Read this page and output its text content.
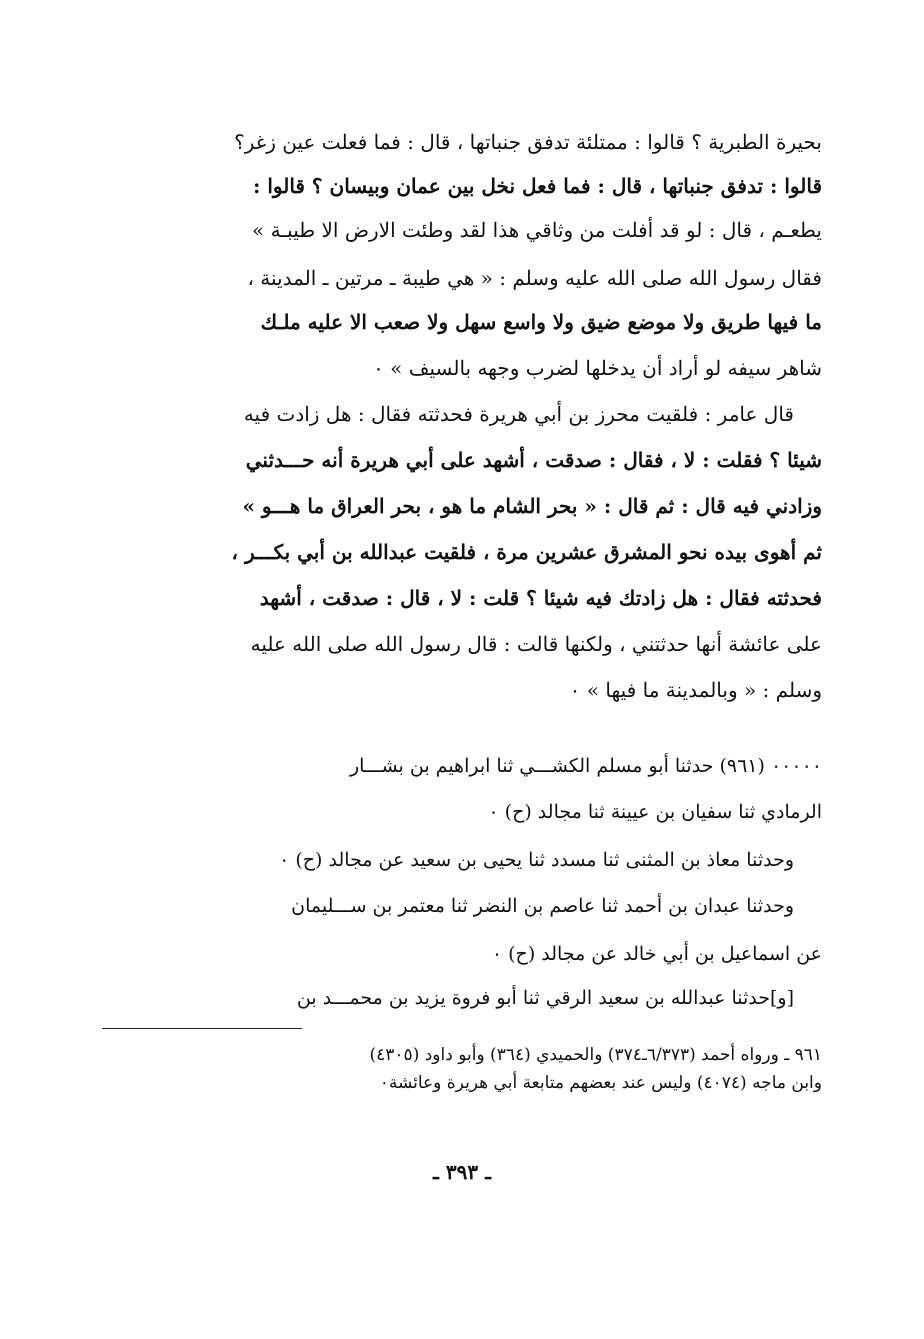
بحيرة الطبرية ؟ قالوا : ممتلئة تدفق جنباتها ، قال : فما فعلت عين زغر؟
قالوا : تدفق جنباتها ، قال : فما فعل نخل بين عمان وبيسان ؟ قالوا :
يطعـم ، قال : لو قد أفلت من وثاقي هذا لقد وطئت الارض الا طيبـة »
فقال رسول الله صلى الله عليه وسلم : « هي طيبة ـ مرتين ـ المدينة ،
ما فيها طريق ولا موضع ضيق ولا واسع سهل ولا صعب الا عليه ملـك
شاهر سيفه لو أراد أن يدخلها لضرب وجهه بالسيف » ٠
قال عامر : فلقيت محرز بن أبي هريرة فحدثته فقال : هل زادت فيه
شيئا ؟ فقلت : لا ، فقال : صدقت ، أشهد على أبي هريرة أنه حـــدثني
وزادني فيه قال : ثم قال : « بحر الشام ما هو ، بحر العراق ما هـــو »
ثم أهوى بيده نحو المشرق عشرين مرة ، فلقيت عبدالله بن أبي بكـــر ،
فحدثته فقال : هل زادتك فيه شيئا ؟ قلت : لا ، قال : صدقت ، أشهد
على عائشة أنها حدثتني ، ولكنها قالت : قال رسول الله صلى الله عليه
وسلم : « وبالمدينة ما فيها » ٠
٠٠٠٠٠ (٩٦١) حدثنا أبو مسلم الكشـــي ثنا ابراهيم بن بشـــار
الرمادي ثنا سفيان بن عيينة ثنا مجالد (ح) ٠
وحدثنا معاذ بن المثنى ثنا مسدد ثنا يحيى بن سعيد عن مجالد (ح) ٠
وحدثنا عبدان بن أحمد ثنا عاصم بن النضر ثنا معتمر بن ســـليمان
عن اسماعيل بن أبي خالد عن مجالد (ح) ٠
[و]حدثنا عبدالله بن سعيد الرقي ثنا أبو فروة يزيد بن محمـــد بن
٩٦١ ـ ورواه أحمد (٦/٣٧٣ـ٣٧٤) والحميدي (٣٦٤) وأبو داود (٤٣٠٥)
وابن ماجه (٤٠٧٤) وليس عند بعضهم متابعة أبي هريرة وعائشة٠
ـ ٣٩٣ ـ
